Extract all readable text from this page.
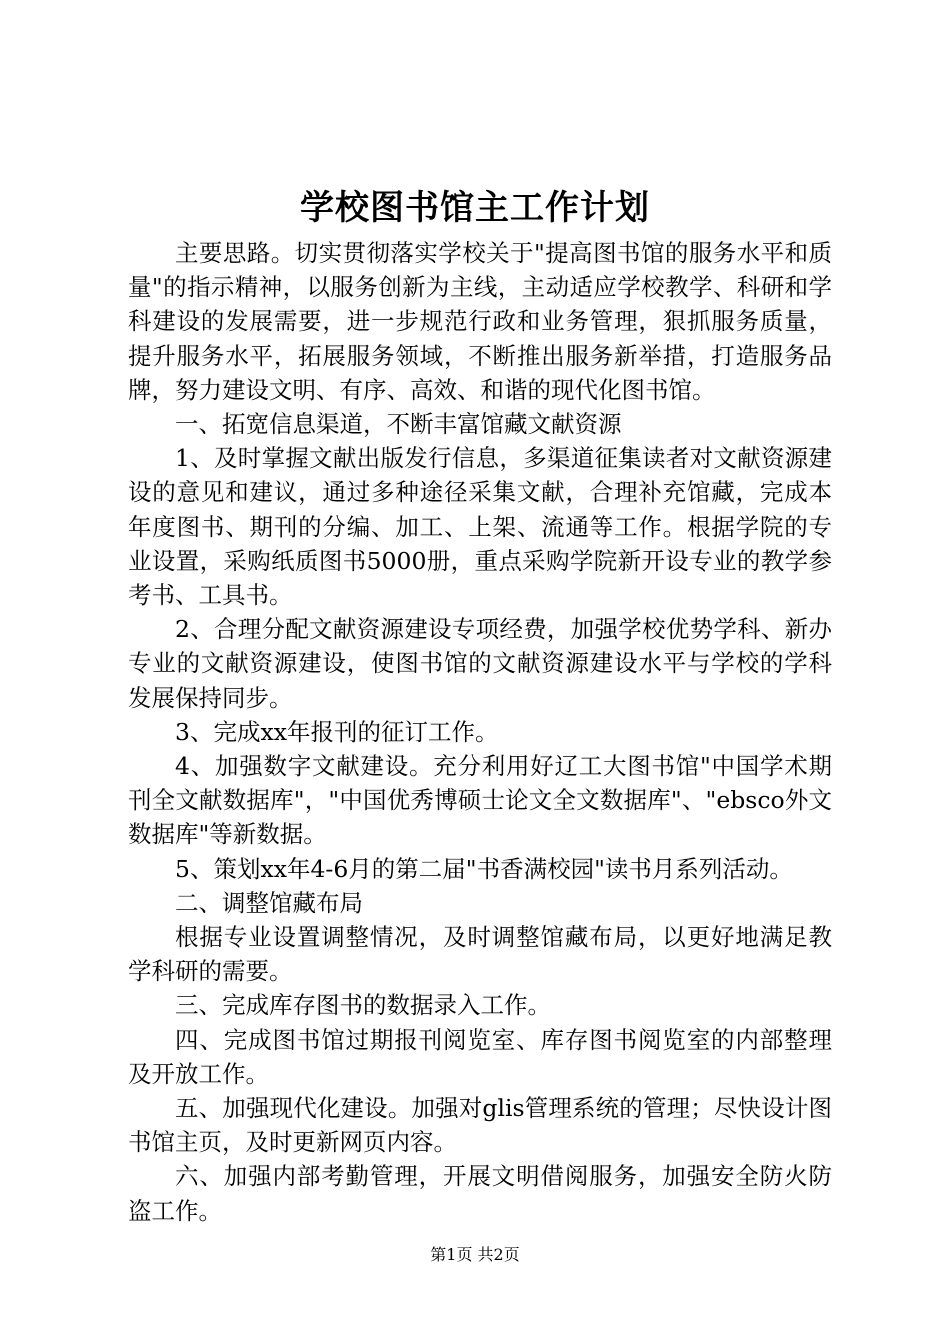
学校图书馆主工作计划

主要思路。切实贯彻落实学校关于"提高图书馆的服务水平和质量"的指示精神，以服务创新为主线，主动适应学校教学、科研和学科建设的发展需要，进一步规范行政和业务管理，狠抓服务质量，提升服务水平，拓展服务领域，不断推出服务新举措，打造服务品牌，努力建设文明、有序、高效、和谐的现代化图书馆。

一、拓宽信息渠道，不断丰富馆藏文献资源

1、及时掌握文献出版发行信息，多渠道征集读者对文献资源建设的意见和建议，通过多种途径采集文献，合理补充馆藏，完成本年度图书、期刊的分编、加工、上架、流通等工作。根据学院的专业设置，采购纸质图书5000册，重点采购学院新开设专业的教学参考书、工具书。

2、合理分配文献资源建设专项经费，加强学校优势学科、新办专业的文献资源建设，使图书馆的文献资源建设水平与学校的学科发展保持同步。

3、完成xx年报刊的征订工作。

4、加强数字文献建设。充分利用好辽工大图书馆"中国学术期刊全文献数据库"，"中国优秀博硕士论文全文数据库"、"ebsco外文数据库"等新数据。

5、策划xx年4-6月的第二届"书香满校园"读书月系列活动。

二、调整馆藏布局

根据专业设置调整情况，及时调整馆藏布局，以更好地满足教学科研的需要。

三、完成库存图书的数据录入工作。

四、完成图书馆过期报刊阅览室、库存图书阅览室的内部整理及开放工作。

五、加强现代化建设。加强对glis管理系统的管理；尽快设计图书馆主页，及时更新网页内容。

六、加强内部考勤管理，开展文明借阅服务，加强安全防火防盗工作。

第1页 共2页
